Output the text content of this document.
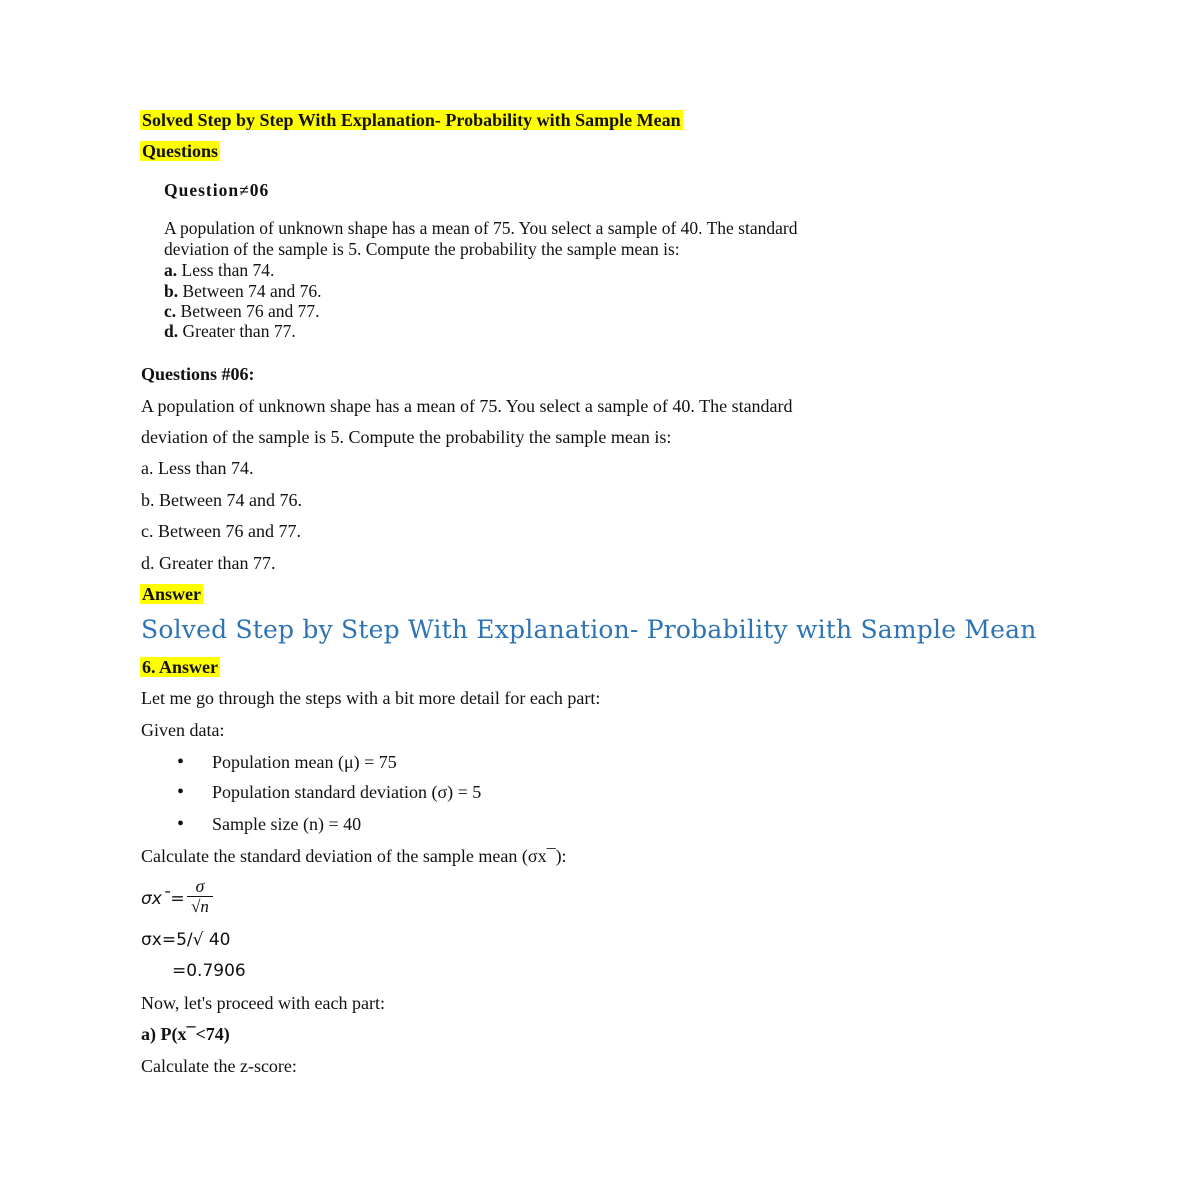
Solved Step by Step With Explanation- Probability with Sample Mean
Questions
Question≠06
A population of unknown shape has a mean of 75. You select a sample of 40. The standard
deviation of the sample is 5. Compute the probability the sample mean is:
a. Less than 74.
b. Between 74 and 76.
c. Between 76 and 77.
d. Greater than 77.
Questions #06:
A population of unknown shape has a mean of 75. You select a sample of 40. The standard
deviation of the sample is 5. Compute the probability the sample mean is:
a. Less than 74.
b. Between 74 and 76.
c. Between 76 and 77.
d. Greater than 77.
Answer
Solved Step by Step With Explanation- Probability with Sample Mean
6. Answer
Let me go through the steps with a bit more detail for each part:
Given data:
• Population mean (μ) = 75
• Population standard deviation (σ) = 5
• Sample size (n) = 40
Calculate the standard deviation of the sample mean (σx¯):
σx¯=
σ
√n
σx=5/√ 40
=0.7906
Now, let's proceed with each part:
a) P(x¯<74)
Calculate the z-score:
